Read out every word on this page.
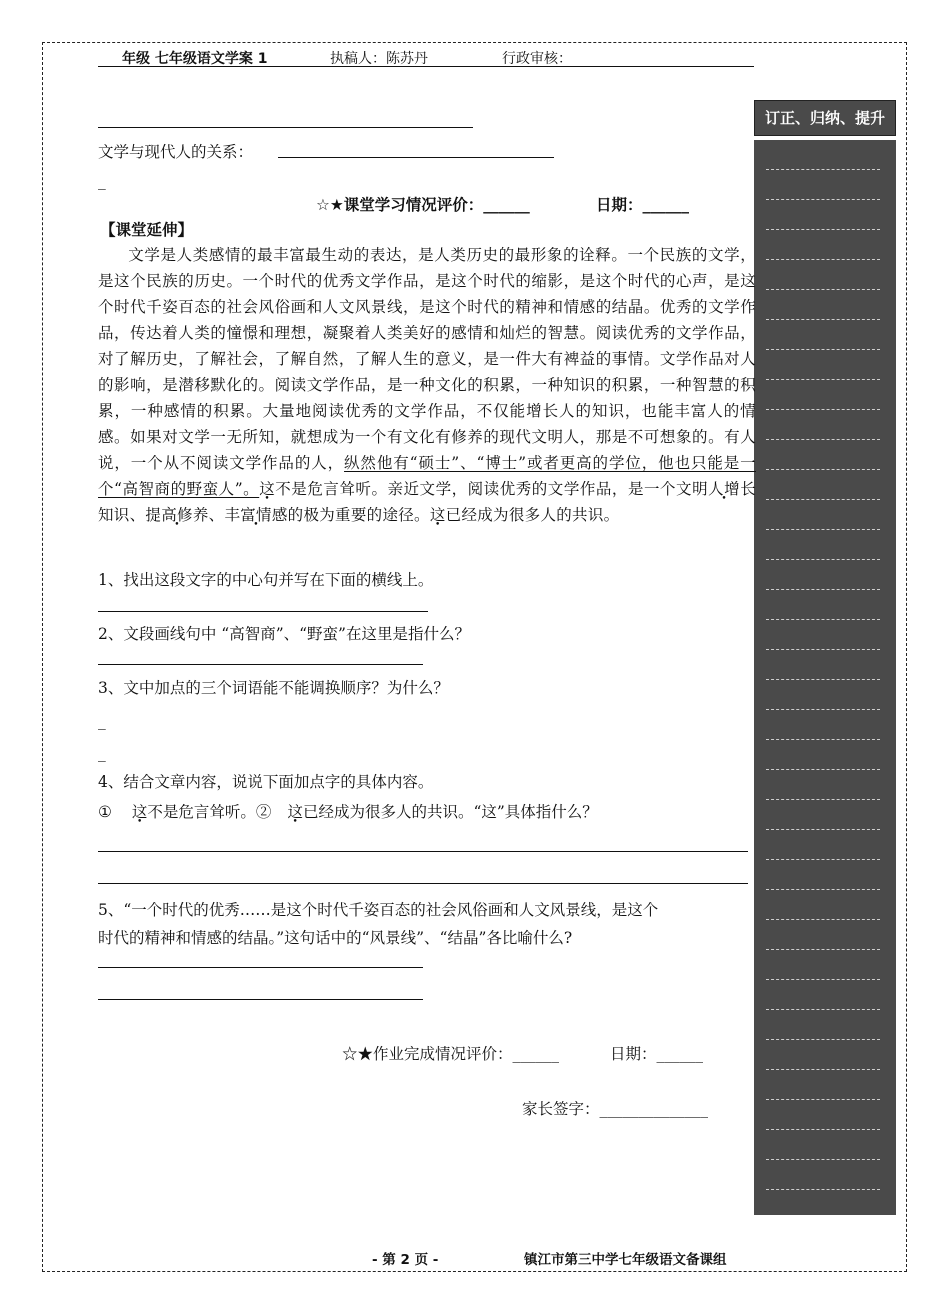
年级 七年级语文学案 1	执稿人：陈苏丹	行政审核：
订正、归纳、提升
文学与现代人的关系：
_
☆★课堂学习情况评价：______	日期：______
【课堂延伸】
文学是人类感情的最丰富最生动的表达，是人类历史的最形象的诠释。一个民族的文学，是这个民族的历史。一个时代的优秀文学作品，是这个时代的缩影，是这个时代的心声，是这个时代千姿百态的社会风俗画和人文风景线，是这个时代的精神和情感的结晶。优秀的文学作品，传达着人类的憧憬和理想，凝聚着人类美好的感情和灿烂的智慧。阅读优秀的文学作品，对了解历史，了解社会，了解自然，了解人生的意义，是一件大有裨益的事情。文学作品对人的影响，是潜移默化的。阅读文学作品，是一种文化的积累，一种知识的积累，一种智慧的积累，一种感情的积累。大量地阅读优秀的文学作品，不仅能增长人的知识，也能丰富人的情感。如果对文学一无所知，就想成为一个有文化有修养的现代文明人，那是不可想象的。有人说，一个从不阅读文学作品的人，纵然他有“硕士”、“博士”或者更高的学位，他也只能是一个“高智商的野蛮人”。这不是危言耸听。亲近文学，阅读优秀的文学作品，是一个文明人增长知识 •、提高修养、丰富情感的极为重要的途径。这已经成为很多人的共识。
1、找出这段文字的中心句并写在下面的横线上。
2、文段画线句中 “高智商”、“野蛮”在这里是指什么？
3、文中加点的三个词语能不能调换顺序？为什么？
_
_
4、结合文章内容，说说下面加点字的具体内容。
① 这不是危言耸听。② 这已经成为很多人的共识。“这”具体指什么？
5、“一个时代的优秀……是这个时代千姿百态的社会风俗画和人文风景线，是这个
时代的精神和情感的结晶。”这句话中的“风景线”、“结晶”各比喻什么?
☆★作业完成情况评价：______	日期：______
家长签字：______________
- 第 2 页 -	镇江市第三中学七年级语文备课组
